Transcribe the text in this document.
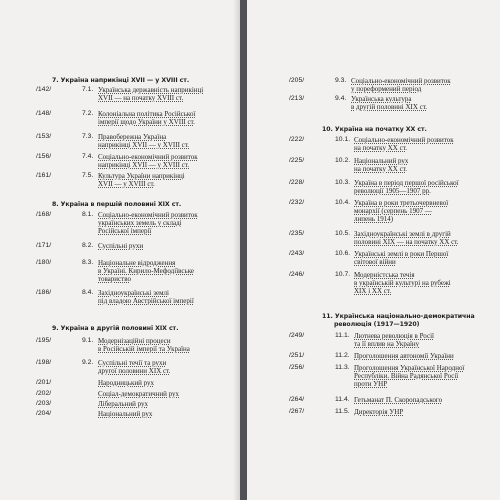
7. Україна наприкінці XVII — у XVIII ст.
/142/	7.1. Українська державність наприкінці
XVII — на початку XVIII ст.
/148/	7.2. Колоніальна політика Російської
імперії щодо України у XVIII ст.
/153/	7.3. Правобережна Україна
наприкінці XVII — у XVIII ст.
/156/	7.4. Соціально-економічний розвиток
наприкінці XVII — у XVIII ст.
/161/	7.5. Культура України наприкінці
XVII — у XVIII ст.
8. Україна в першій половині XIX ст.
/168/	8.1. Соціально-економічний розвиток
українських земель у складі
Російської імперії
/171/	8.2. Суспільні рухи
/180/	8.3. Національне відродження
в Україні. Кирило-Мефодіївське
товариство
/186/	8.4. Західноукраїнські землі
під владою Австрійської імперії
9. Україна в другій половині XIX ст.
/195/	9.1. Модернізаційні процеси
в Російській імперії та Україна
/198/	9.2. Суспільні течії та рухи
другої половини XIX ст.
/201/	Народницький рух
/202/	Соціал-демократичний рух
/203/	Ліберальний рух
/204/	Національний рух
/205/	9.3. Соціально-економічний розвиток
у пореформений період
/213/	9.4. Українська культура
в другій половині XIX ст.
10. Україна на початку XX ст.
/222/	10.1. Соціально-економічний розвиток
на початку XX ст.
/225/	10.2. Національний рух
на початку XX ст.
/228/	10.3. Україна в період першої російської
революції 1905—1907 рр.
/232/	10.4. Україна в роки третьочервневої
монархії (серпень 1907 —
липень 1914)
/235/	10.5. Західноукраїнські землі в другій
половині XIX — на початку XX ст.
/243/	10.6. Українські землі в роки Першої
світової війни
/246/	10.7. Модерністська течія
в українській культурі на рубежі
XIX і XX ст.
11. Українська національно-демократична
революція (1917—1920)
/249/	11.1. Лютнева революція в Росії
та її вплив на Україну
/251/	11.2. Проголошення автономії України
/256/	11.3. Проголошення Української Народної
Республіки. Війна Радянської Росії
проти УНР
/264/	11.4. Гетьманат П. Скоропадського
/267/	11.5. Директорія УНР
